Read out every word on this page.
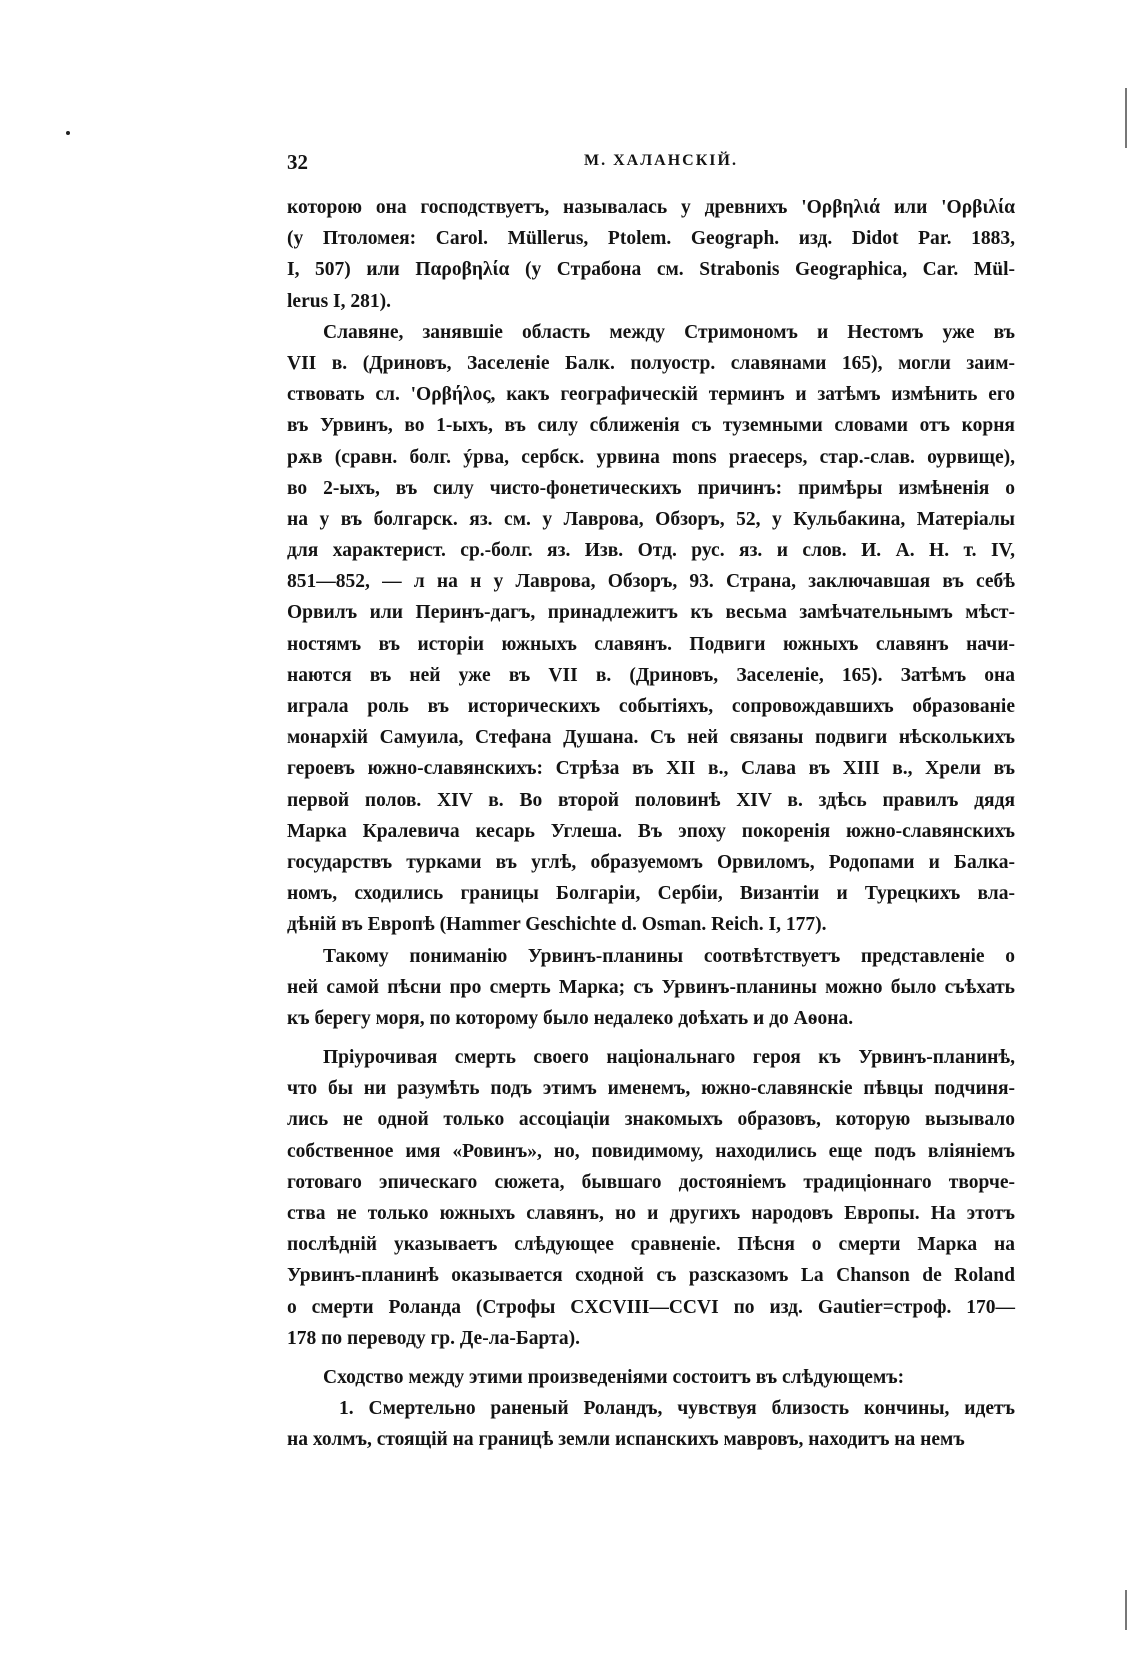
32	М. ХАЛАНСКІЙ.
которою она господствуетъ, называлась у древнихъ 'Ορβηλιά или 'Ορβιλία
(у Птоломея: Carol. Müllerus, Ptolem. Geograph. изд. Didot Par. 1883,
I, 507) или Παροβηλία (у Страбона см. Strabonis Geographica, Car. Mül-
lerus I, 281).
Славяне, занявшіе область между Стримономъ и Нестомъ уже въ
VII в. (Дриновъ, Заселеніе Балк. полуостр. славянами 165), могли заим-
ствовать сл. 'Ορβήλος, какъ географическій терминъ и затѣмъ измѣнить его
въ Урвинъ, во 1-ыхъ, въ силу сближенія съ туземными словами отъ корня
рѫв (сравн. болг. ýрва, сербск. урвина mons praeceps, стар.-слав. оурвище),
во 2-ыхъ, въ силу чисто-фонетическихъ причинъ: примѣры измѣненія о
на у въ болгарск. яз. см. у Лаврова, Обзоръ, 52, у Кульбакина, Матеріалы
для характерист. ср.-болг. яз. Изв. Отд. рус. яз. и слов. И. А. Н. т. IV,
851—852, — л на н у Лаврова, Обзоръ, 93. Страна, заключавшая въ себѣ
Орвилъ или Перинъ-дагъ, принадлежитъ къ весьма замѣчательнымъ мѣст-
ностямъ въ исторіи южныхъ славянъ. Подвиги южныхъ славянъ начи-
наются въ ней уже въ VII в. (Дриновъ, Заселеніе, 165). Затѣмъ она
играла роль въ историческихъ событіяхъ, сопровождавшихъ образованіе
монархій Самуила, Стефана Душана. Съ ней связаны подвиги нѣсколькихъ
героевъ южно-славянскихъ: Стрѣза въ XII в., Слава въ XIII в., Хрели въ
первой полов. XIV в. Во второй половинѣ XIV в. здѣсь правилъ дядя
Марка Кралевича кесарь Углеша. Въ эпоху покоренія южно-славянскихъ
государствъ турками въ углѣ, образуемомъ Орвиломъ, Родопами и Балка-
номъ, сходились границы Болгаріи, Сербіи, Византіи и Турецкихъ вла-
дѣній въ Европѣ (Hammer Geschichte d. Osman. Reich. I, 177).
Такому пониманію Урвинъ-планины соотвѣтствуетъ представленіе о
ней самой пѣсни про смерть Марка; съ Урвинъ-планины можно было съѣхать
къ берегу моря, по которому было недалеко доѣхать и до Аѳона.
Пріурочивая смерть своего національнаго героя къ Урвинъ-планинѣ,
что бы ни разумѣть подъ этимъ именемъ, южно-славянскіе пѣвцы подчиня-
лись не одной только ассоціаціи знакомыхъ образовъ, которую вызывало
собственное имя «Ровинъ», но, повидимому, находились еще подъ вліяніемъ
готоваго эпическаго сюжета, бывшаго достояніемъ традиціоннаго творче-
ства не только южныхъ славянъ, но и другихъ народовъ Европы. На этотъ
послѣдній указываетъ слѣдующее сравненіе. Пѣсня о смерти Марка на
Урвинъ-планинѣ оказывается сходной съ разсказомъ La Chanson de Roland
о смерти Роланда (Строфы CXCVIII—CCVI по изд. Gautier=строф. 170—
178 по переводу гр. Де-ла-Барта).
Сходство между этими произведеніями состоитъ въ слѣдующемъ:
1. Смертельно раненый Роландъ, чувствуя близость кончины, идетъ
на холмъ, стоящій на границѣ земли испанскихъ мавровъ, находитъ на немъ
